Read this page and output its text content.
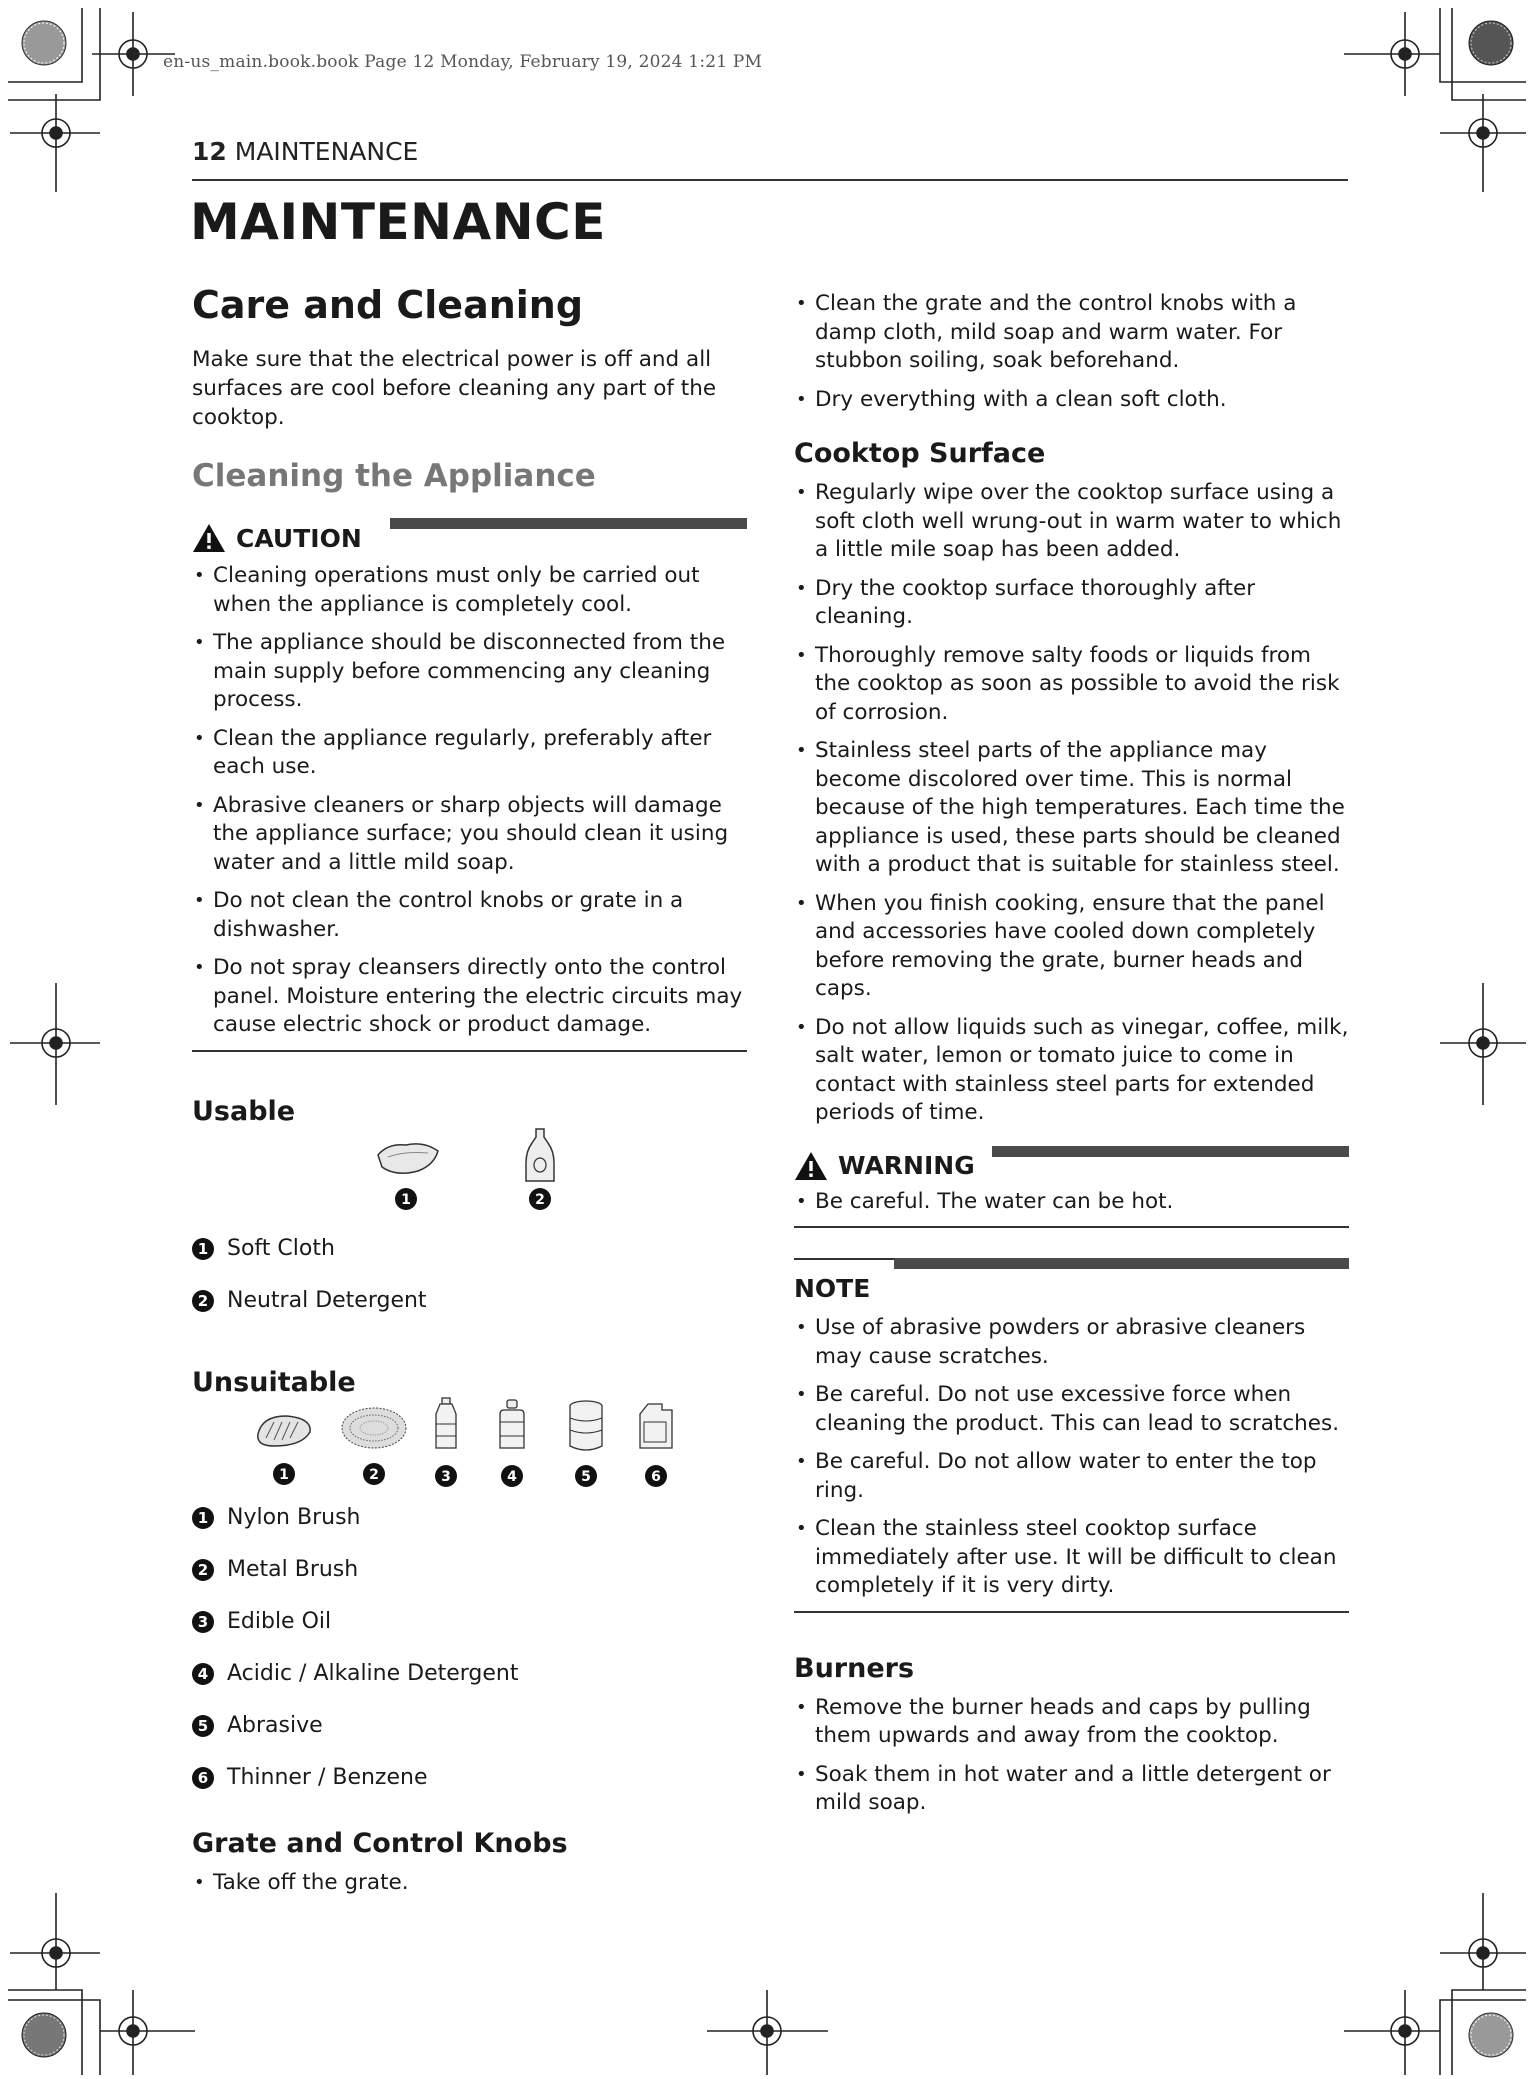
en-us_main.book.book Page 12 Monday, February 19, 2024 1:21 PM
12 MAINTENANCE
MAINTENANCE
Care and Cleaning

Make sure that the electrical power is off and all surfaces are cool before cleaning any part of the cooktop.

Cleaning the Appliance
CAUTION
• Cleaning operations must only be carried out when the appliance is completely cool.
• The appliance should be disconnected from the main supply before commencing any cleaning process.
• Clean the appliance regularly, preferably after each use.
• Abrasive cleaners or sharp objects will damage the appliance surface; you should clean it using water and a little mild soap.
• Do not clean the control knobs or grate in a dishwasher.
• Do not spray cleansers directly onto the control panel. Moisture entering the electric circuits may cause electric shock or product damage.
Usable
1	2
1 Soft Cloth
2 Neutral Detergent
Unsuitable
1	2	3	4	5	6
1 Nylon Brush
2 Metal Brush
3 Edible Oil
4 Acidic / Alkaline Detergent
5 Abrasive
6 Thinner / Benzene
Grate and Control Knobs
• Take off the grate.
• Clean the grate and the control knobs with a damp cloth, mild soap and warm water. For stubbon soiling, soak beforehand.
• Dry everything with a clean soft cloth.
Cooktop Surface
• Regularly wipe over the cooktop surface using a soft cloth well wrung-out in warm water to which a little mile soap has been added.
• Dry the cooktop surface thoroughly after cleaning.
• Thoroughly remove salty foods or liquids from the cooktop as soon as possible to avoid the risk of corrosion.
• Stainless steel parts of the appliance may become discolored over time. This is normal because of the high temperatures. Each time the appliance is used, these parts should be cleaned with a product that is suitable for stainless steel.
• When you finish cooking, ensure that the panel and accessories have cooled down completely before removing the grate, burner heads and caps.
• Do not allow liquids such as vinegar, coffee, milk, salt water, lemon or tomato juice to come in contact with stainless steel parts for extended periods of time.
WARNING
• Be careful. The water can be hot.
NOTE
• Use of abrasive powders or abrasive cleaners may cause scratches.
• Be careful. Do not use excessive force when cleaning the product. This can lead to scratches.
• Be careful. Do not allow water to enter the top ring.
• Clean the stainless steel cooktop surface immediately after use. It will be difficult to clean completely if it is very dirty.
Burners
• Remove the burner heads and caps by pulling them upwards and away from the cooktop.
• Soak them in hot water and a little detergent or mild soap.
